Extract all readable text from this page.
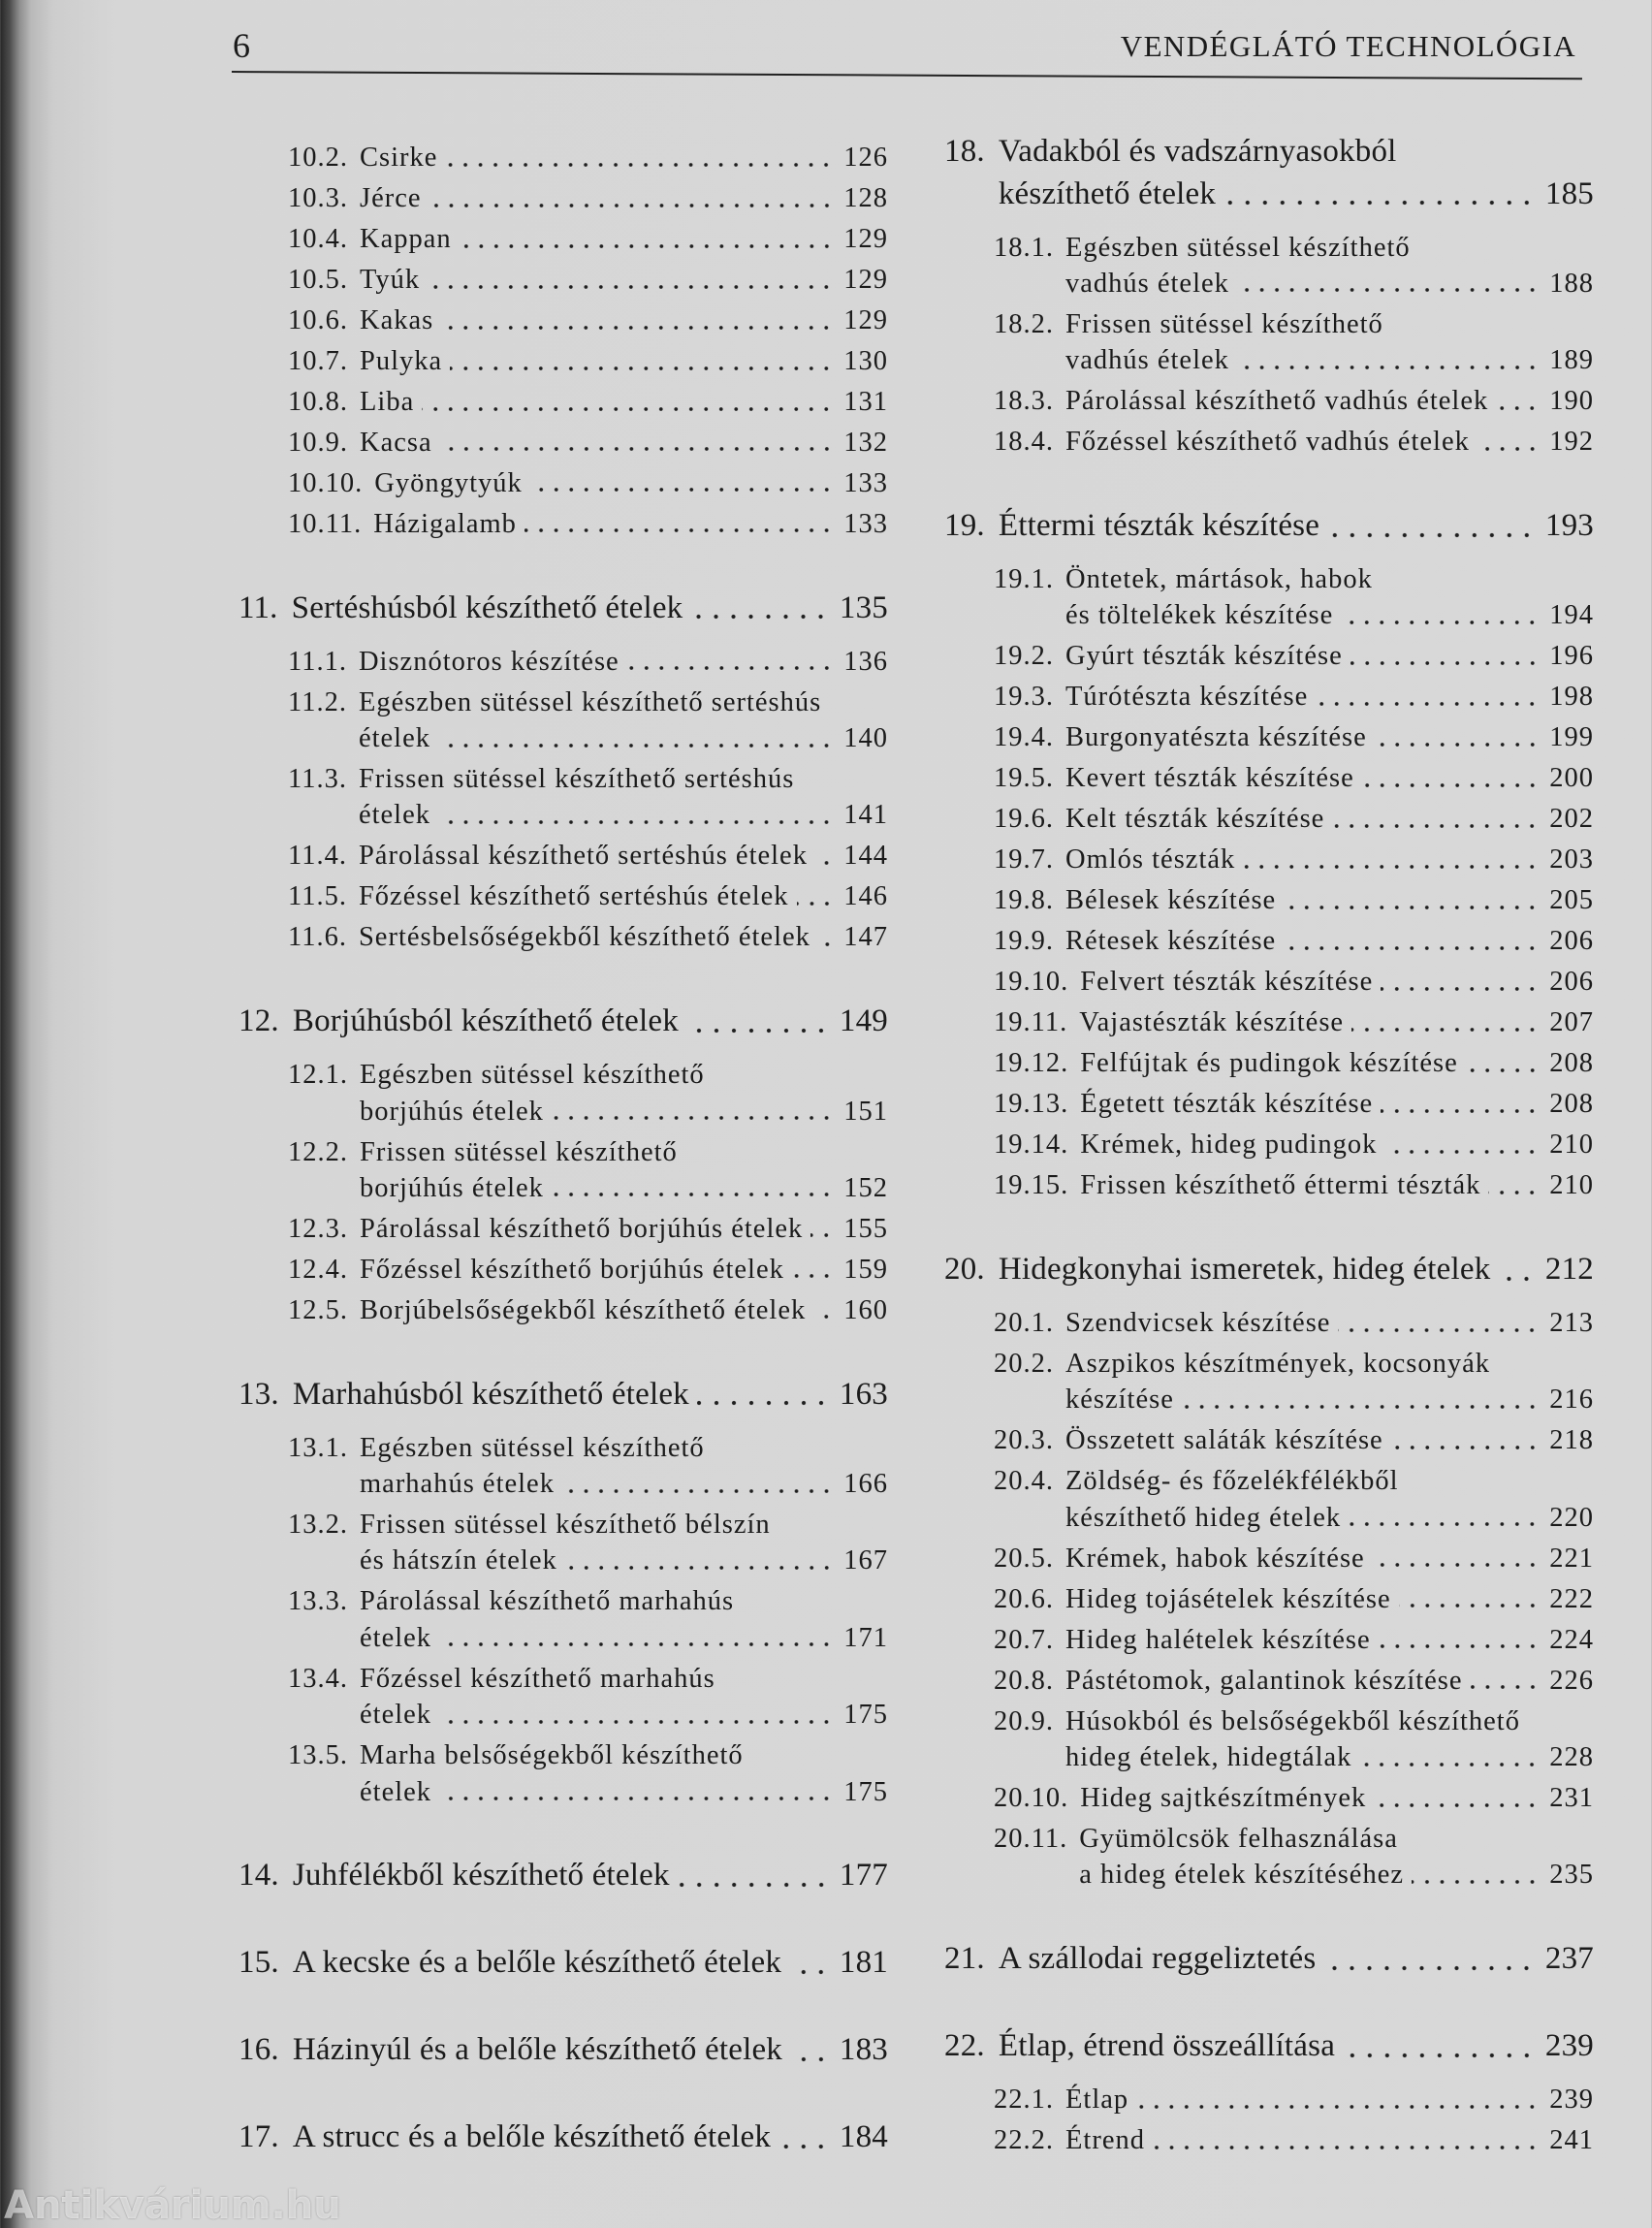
6	VENDÉGLÁTÓ TECHNOLÓGIA
10.2. Csirke	126
10.3. Jérce	128
10.4. Kappan	129
10.5. Tyúk	129
10.6. Kakas	129
10.7. Pulyka	130
10.8. Liba	131
10.9. Kacsa	132
10.10. Gyöngytyúk	133
10.11. Házigalamb	133
11. Sertéshúsból készíthető ételek	135
11.1. Disznótoros készítése	136
11.2. Egészben sütéssel készíthető sertéshús
ételek	140
11.3. Frissen sütéssel készíthető sertéshús
ételek	141
11.4. Párolással készíthető sertéshús ételek 144
11.5. Főzéssel készíthető sertéshús ételek 146
11.6. Sertésbelsőségekből készíthető ételek 147
12. Borjúhúsból készíthető ételek	149
12.1. Egészben sütéssel készíthető
borjúhús ételek	151
12.2. Frissen sütéssel készíthető
borjúhús ételek	152
12.3. Párolással készíthető borjúhús ételek 155
12.4. Főzéssel készíthető borjúhús ételek 159
12.5. Borjúbelsőségekből készíthető ételek 160
13. Marhahúsból készíthető ételek	163
13.1. Egészben sütéssel készíthető
marhahús ételek	166
13.2. Frissen sütéssel készíthető bélszín
és hátszín ételek	167
13.3. Párolással készíthető marhahús
ételek	171
13.4. Főzéssel készíthető marhahús
ételek	175
13.5. Marha belsőségekből készíthető
ételek	175
14. Juhfélékből készíthető ételek	177
15. A kecske és a belőle készíthető ételek 181
16. Házinyúl és a belőle készíthető ételek 183
17. A strucc és a belőle készíthető ételek 184
18. Vadakból és vadszárnyasokból
készíthető ételek	185
18.1. Egészben sütéssel készíthető
vadhús ételek	188
18.2. Frissen sütéssel készíthető
vadhús ételek	189
18.3. Párolással készíthető vadhús ételek 190
18.4. Főzéssel készíthető vadhús ételek	192
19. Éttermi tészták készítése	193
19.1. Öntetek, mártások, habok
és töltelékek készítése	194
19.2. Gyúrt tészták készítése	196
19.3. Túrótészta készítése	198
19.4. Burgonyatészta készítése	199
19.5. Kevert tészták készítése	200
19.6. Kelt tészták készítése	202
19.7. Omlós tészták	203
19.8. Bélesek készítése	205
19.9. Rétesek készítése	206
19.10. Felvert tészták készítése	206
19.11. Vajastészták készítése	207
19.12. Felfújtak és pudingok készítése	208
19.13. Égetett tészták készítése	208
19.14. Krémek, hideg pudingok	210
19.15. Frissen készíthető éttermi tészták 210
20. Hidegkonyhai ismeretek, hideg ételek 212
20.1. Szendvicsek készítése	213
20.2. Aszpikos készítmények, kocsonyák
készítése	216
20.3. Összetett saláták készítése	218
20.4. Zöldség- és főzelékfélékből
készíthető hideg ételek	220
20.5. Krémek, habok készítése	221
20.6. Hideg tojásételek készítése	222
20.7. Hideg halételek készítése	224
20.8. Pástétomok, galantinok készítése	226
20.9. Húsokból és belsőségekből készíthető
hideg ételek, hidegtálak	228
20.10. Hideg sajtkészítmények	231
20.11. Gyümölcsök felhasználása
a hideg ételek készítéséhez	235
21. A szállodai reggeliztetés	237
22. Étlap, étrend összeállítása	239
22.1. Étlap	239
22.2. Étrend	241
Antikvárium.hu
